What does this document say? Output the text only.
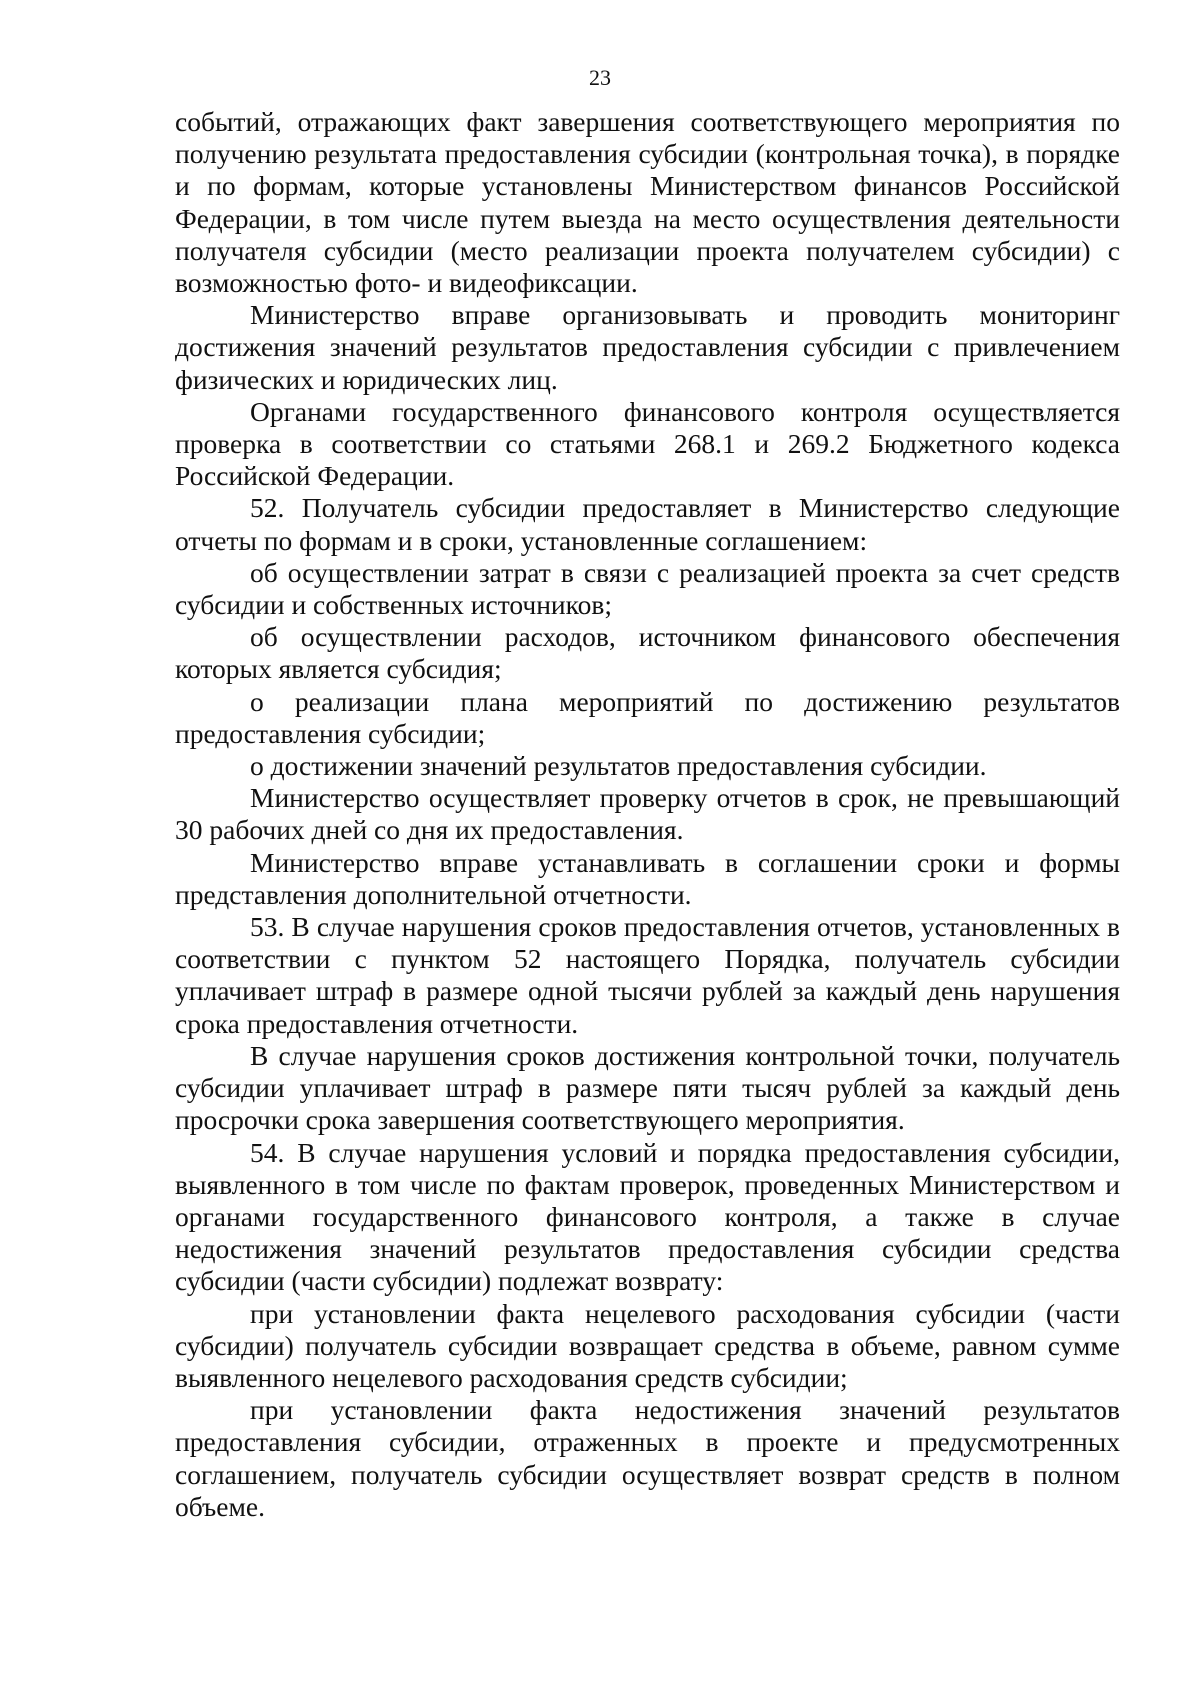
23

событий, отражающих факт завершения соответствующего мероприятия по получению результата предоставления субсидии (контрольная точка), в порядке и по формам, которые установлены Министерством финансов Российской Федерации, в том числе путем выезда на место осуществления деятельности получателя субсидии (место реализации проекта получателем субсидии) с возможностью фото- и видеофиксации.

Министерство вправе организовывать и проводить мониторинг достижения значений результатов предоставления субсидии с привлечением физических и юридических лиц.

Органами государственного финансового контроля осуществляется проверка в соответствии со статьями 268.1 и 269.2 Бюджетного кодекса Российской Федерации.

52. Получатель субсидии предоставляет в Министерство следующие отчеты по формам и в сроки, установленные соглашением:

об осуществлении затрат в связи с реализацией проекта за счет средств субсидии и собственных источников;

об осуществлении расходов, источником финансового обеспечения которых является субсидия;

о реализации плана мероприятий по достижению результатов предоставления субсидии;

о достижении значений результатов предоставления субсидии.

Министерство осуществляет проверку отчетов в срок, не превышающий 30 рабочих дней со дня их предоставления.

Министерство вправе устанавливать в соглашении сроки и формы представления дополнительной отчетности.

53. В случае нарушения сроков предоставления отчетов, установленных в соответствии с пунктом 52 настоящего Порядка, получатель субсидии уплачивает штраф в размере одной тысячи рублей за каждый день нарушения срока предоставления отчетности.

В случае нарушения сроков достижения контрольной точки, получатель субсидии уплачивает штраф в размере пяти тысяч рублей за каждый день просрочки срока завершения соответствующего мероприятия.

54. В случае нарушения условий и порядка предоставления субсидии, выявленного в том числе по фактам проверок, проведенных Министерством и органами государственного финансового контроля, а также в случае недостижения значений результатов предоставления субсидии средства субсидии (части субсидии) подлежат возврату:

при установлении факта нецелевого расходования субсидии (части субсидии) получатель субсидии возвращает средства в объеме, равном сумме выявленного нецелевого расходования средств субсидии;

при установлении факта недостижения значений результатов предоставления субсидии, отраженных в проекте и предусмотренных соглашением, получатель субсидии осуществляет возврат средств в полном объеме.
